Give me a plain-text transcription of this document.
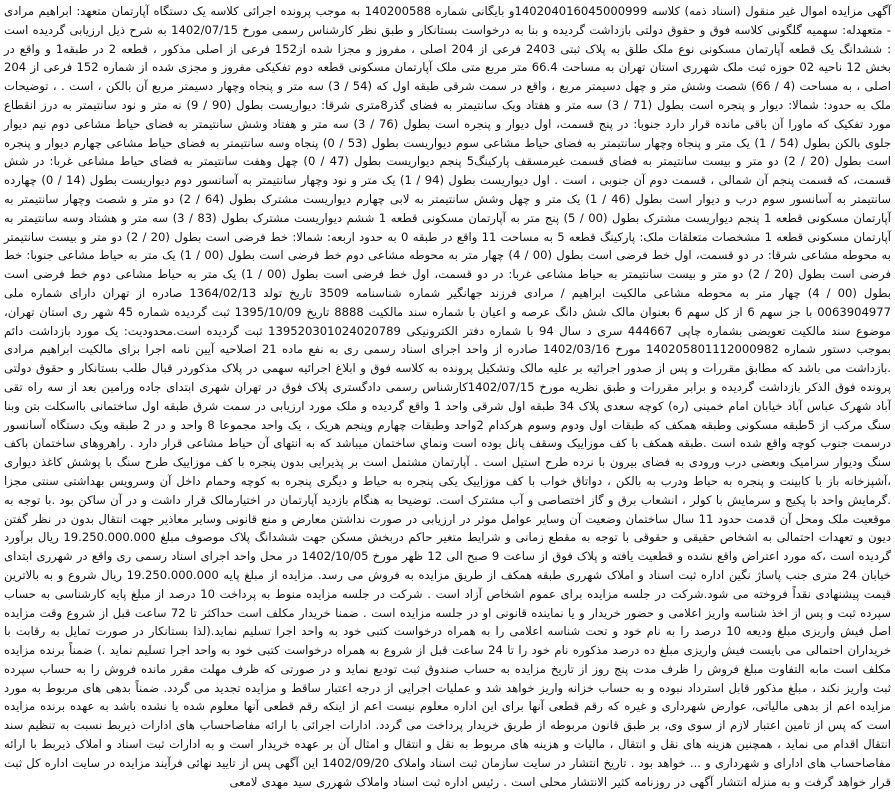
آگهی مزایده اموال غیر منقول (اسناد ذمه) کلاسه 140204016045000999و بایگانی شماره 140200588 به موجب پرونده اجرائی کلاسه یک دستگاه آپارتمان متعهد: ابراهیم مرادی - متعهدله: سهمیه گلگونی کلاسه فوق و حقوق دولتی بازداشت گردیده و بنا به درخواست بستانکار و طبق نظر کارشناس رسمی مورخ 1402/07/15 به شرح ذیل ارزیابی گردیده است : ششدانگ یک قطعه آپارتمان مسکونی نوع ملک طلق به پلاک ثبتی 2403 فرعی از 204 اصلی ، مفروز و مجزا شده از152 فرعی از اصلی مذکور ، قطعه 2 در طبقه1 و واقع در بخش 12 ناحیه 02 حوزه ثبت ملک شهرری استان تهران به مساحت 66.4 متر مربع متی ملک آپارتمان مسکونی قطعه دوم تفکیکی مفروز و مجزی شده از شماره 152 فرعی از 204 اصلی ، به مساحت (4 / 66) شصت وشش متر و چهل دسیمتر مربع ، واقع در سمت شرقی طبقه اول که (54 / 3) سه متر و پنجاه وچهار دسیمتر مربع آن بالکن ، است . ، توضیحات ملک به حدود: شمالا: دیوار و پنجره است بطول (71 / 3) سه متر و هفتاد ویک سانتیمتر به فضای گذر8متری شرقا: دیواریست بطول (90 / 9) نه متر و نود سانتیمتر به درز انقطاع مورد تفکیک که ماورا آن باقی مانده قرار دارد جنوبا: در پنج قسمت، اول دیوار و پنجره است بطول (76 / 3) سه متر و هفتاد وشش سانتیمتر به فضای حیاط مشاعی دوم نیم دیوار جلوی بالکن بطول (54 / 1) یک متر و پنجاه وچهار سانتیمتر به فضای حیاط مشاعی سوم دیواریست بطول (53 / 0) پنجاه وسه سانتیمتر به فضای حیاط مشاعی چهارم دیوار و پنجره است بطول (20 / 2) دو متر و بیست سانتیمتر به فضای قسمت غیرمسقف پارکینگ5 پنجم دیواریست بطول (47 / 0) چهل وهفت سانتیمتر به فضای حیاط مشاعی غربا: در شش قسمت، که قسمت پنجم آن شمالی ، قسمت دوم آن جنوبی ، است . اول دیواریست بطول (94 / 1) یک متر و نود وچهار سانتیمتر به آسانسور دوم دیواریست بطول (14 / 0) چهارده سانتیمتر به آسانسور سوم درب و دیوار است بطول (46 / 1) یک متر و چهل وشش سانتیمتر به لابی چهارم دیواریست مشترک بطول (64 / 2) دو متر و شصت وچهار سانتیمتر به آپارتمان مسکونی قطعه 1 پنجم دیواریست مشترک بطول (00 / 5) پنج متر به آپارتمان مسکونی قطعه 1 ششم دیواریست مشترک بطول (83 / 3) سه متر و هشتاد وسه سانتیمتر به آپارتمان مسکونی قطعه 1 مشخصات متعلقات ملک: پارکینگ قطعه 5 به مساحت 11 واقع در طبقه 0 به حدود اربعه: شمالا: خط فرضی است بطول (20 / 2) دو متر و بیست سانتیمتر به محوطه مشاعی شرقا: در دو قسمت، اول خط فرضی است بطول (00 / 4) چهار متر به محوطه مشاعی دوم خط فرضی است بطول (00 / 1) یک متر به حیاط مشاعی جنوبا: خط فرضی است بطول (20 / 2) دو متر و بیست سانتیمتر به حیاط مشاعی غربا: در دو قسمت، اول خط فرضی است بطول (00 / 1) یک متر به حیاط مشاعی دوم خط فرضی است بطول (00 / 4) چهار متر به محوطه مشاعی مالکیت ابراهیم / مرادی فرزند جهانگیر شماره شناسنامه 3509 تاریخ تولد 1364/02/13 صادره از تهران دارای شماره ملی 0063904977 با جز سهم 6 از کل سهم 6 بعنوان مالک شش دانگ عرصه و اعیان با شماره سند مالکیت 8888 تاریخ 1395/10/09 ثبت گردیده شماره 45 شهر ری استان تهران، موضوع سند مالکیت تعویضی بشماره چاپی 444667 سری د سال 94 با شماره دفتر الکترونیکی 139520301024020789 ثبت گردیده است.محدودیت: یک مورد بازداشت دائم بموجب دستور شماره 140205801112000982 مورخ 1402/03/16 صادره از واحد اجرای اسناد رسمی ری به نفع ماده 21 اصلاحیه آیین نامه اجرا برای مالکیت ابراهیم مرادی .بازداشت می باشد که مطابق مقررات و پس از صدور اجرائیه بر علیه مالک وتشکیل پرونده به کلاسه فوق و ابلاغ اجرائیه سهمی در پلاک مذکوردر قبال طلب بستانکار و حقوق دولتی پرونده فوق الذکر بازداشت گردیده و برابر مقررات و طبق نظریه مورخ 1402/07/15کارشناس رسمی دادگستری پلاک فوق در تهران شهری ابتدای جاده ورامین بعد از سه راه تقی آباد شهرک عباس آباد خیابان امام خمینی (ره) کوچه سعدی پلاک 34 طبقه اول شرقی واحد 1 واقع گردیده و ملک مورد ارزیابی در سمت شرق طبقه اول ساختمانی بااسکلت بتن وبنا سنگ مرکب از 5طبقه مسکونی وطبقه همکف که طبقات اول ودوم وسوم هرکدام 2واحد وطبقات چهارم وپنجم هریک ، یک واحد مجموعا 8 واحد و در 2 طبقه ویک دستگاه آسانسور درسمت جنوب کوچه واقع شده است .طبقه همکف با کف موزاییک وسقف پانل بوده است ونماي ساختمان میباشد که به انتهای آن حیاط مشاعی قرار دارد . راهروهای ساختمان باکف سنگ ودیوار سرامیک وبعضی درب ورودی به فضای بیرون با نرده طرح استیل است . آپارتمان مشتمل است بر پذیرایی بدون پنجره با کف موزاییک طرح سنگ با پوشش کاغذ دیواری ،آشپزخانه باز با کابینت و پنجره به حیاط ودرب به بالکن ، دواتاق خواب با کف موزاییک یکی پنجره به حیاط و دیگری پنجره به کوچه وحمام داخل آن وسرویس بهداشتی سنتی مجزا .گرمایش واحد با پکیج و سرمایش با کولر ، انشعاب برق و گاز اختصاصی و آب مشترک است. توضیحا به هنگام بازدید آپارتمان در اختیارمالک قرار داشت و در آن ساکن بود .با توجه به موقعیت ملک ومحل آن قدمت حدود 11 سال ساختمان وضعیت آن وسایر عوامل موثر در ارزیابی در صورت نداشتن معارض و منع قانونی وسایر معاذیر جهت انتقال بدون در نظر گفتن دیون و تعهدات احتمالی به اشخاص حقیقی و حقوقی با توجه به مقطع زمانی و شرایط متغیر حاکم دربخش مسکن جهت ششدانگ پلاک موصوف مبلغ 19.250.000.000 ریال برآورد گردیده است ،که مورد اعتراض واقع نشده و قطعیت یافته و پلاک فوق از ساعت 9 صبح الی 12 ظهر مورخ 1402/10/05 در محل واحد اجرای اسناد رسمی ری واقع در شهرری ابتدای خیابان 24 متری جنب پاساژ نگین اداره ثبت اسناد و املاک شهرری طبقه همکف از طریق مزایده به فروش می رسد. مزایده از مبلغ پایه 19.250.000.000 ریال شروع و به بالاترین قیمت پیشنهادی نقداً فروخته می شود.شرکت در جلسه مزایده برای عموم اشخاص آزاد است . شرکت در جلسه مزایده منوط به پرداخت 10 درصد از مبلغ پایه کارشناسی به حساب سپرده ثبت و پس از اخذ شناسه واریز اعلامی و حضور خریدار و یا نماینده قانونی او در جلسه مزایده است . ضمنا خریدار مکلف است حداکثر تا 72 ساعت قبل از شروع وقت مزایده اصل فیش واریزی مبلغ ودیعه 10 درصد را به نام خود و تحت شناسه اعلامی را به همراه درخواست کتبی خود به واحد اجرا تسلیم نماید.(لذا بستانکار در صورت تمایل به رقابت با خریداران احتمالی می بایست فیش واریزی مبلغ ده درصد مذکوره نام خود را تا 24 ساعت قبل از شروع به همراه درخواست کتبی خود به واحد اجرا تسلیم نماید .) ضمناً برنده مزایده مکلف است مابه التفاوت مبلغ فروش را ظرف مدت پنج روز از تاریخ مزایده به حساب صندوق ثبت تودیع نماید و در صورتی که ظرف مهلت مقرر مانده فروش را به حساب سپرده ثبت واریز نکند ، مبلغ مذکور قابل استرداد نبوده و به حساب خزانه واریز خواهد شد و عملیات اجرایی از درجه اعتبار ساقط و مزایده تجدید می گردد. ضمناً بدهی های مربوط به مورد مزایده اعم از بدهی مالیاتی، عوارض شهرداری و غیره که رقم قطعی آنها برای این اداره معلوم نیست اعم از اینکه رقم قطعی آنها معلوم شده یا نشده باشد به عهده برنده مزایده است که پس از تامین اعتبار لازم از سوی وی، بر طبق قانون مربوطه از طریق خریدار پرداخت می گردد. ادارات اجرائی با ارائه مفاصاحساب های ادارات ذیربط نسبت به تنظیم سند انتقال اقدام می نماید ، همچنین هزینه های نقل و انتقال ، مالیات و هزینه های مربوط به نقل و انتقال و امثال آن بر عهده خریدار است و به ادارات ثبت اسناد و املاک ذیربط با ارائه مفاصاحساب های ادارای و شهرداری و ... خواهد بود . تاریخ انتشار در سایت سازمان ثبت اسناد واملاک 1402/09/20 این آگهی پس از تایید نهائی فرآیند مزایده در سایت اداره کل ثبت قرار خواهد گرفت و به منزله انتشار آگهی در روزنامه کثیر الانتشار محلی است . رئیس اداره ثبت اسناد واملاک شهرری سید مهدی لامعی
